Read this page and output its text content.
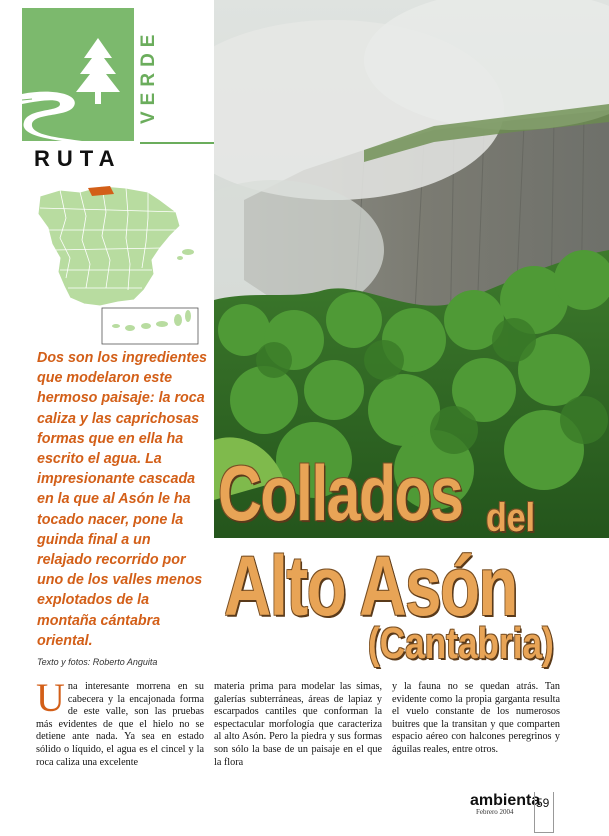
VERDE
RUTA
Dos son los ingredientes que modelaron este hermoso paisaje: la roca caliza y las caprichosas formas que en ella ha escrito el agua. La impresionante cascada en la que al Asón le ha tocado nacer, pone la guinda final a un relajado recorrido por uno de los valles menos explotados de la montaña cántabra oriental.
Texto y fotos: Roberto Anguita
Collados del
Alto Asón
(Cantabria)
Una interesante morrena en su cabecera y la encajonada forma de este valle, son las pruebas más evidentes de que el hielo no se detiene ante nada. Ya sea en estado sólido o líquido, el agua es el cincel y la roca caliza una excelente
materia prima para modelar las simas, galerías subterráneas, áreas de lapiaz y escarpados cantiles que conforman la espectacular morfología que caracteriza al alto Asón. Pero la piedra y sus formas son sólo la base de un paisaje en el que la flora
y la fauna no se quedan atrás. Tan evidente como la propia garganta resulta el vuelo constante de los numerosos buitres que la transitan y que comparten espacio aéreo con halcones peregrinos y águilas reales, entre otros.
ambienta
Febrero 2004
59
